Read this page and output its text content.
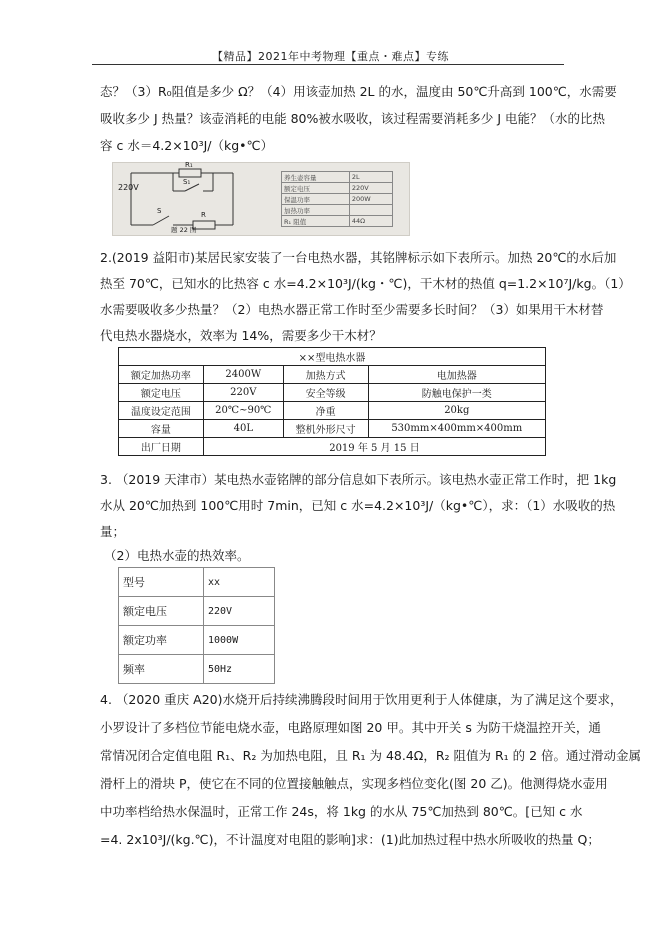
【精品】2021年中考物理【重点・难点】专练
态？（3）R₀阻值是多少 Ω？（4）用该壶加热 2L 的水，温度由 50℃升高到 100℃，水需要
吸收多少 J 热量？该壶消耗的电能 80%被水吸收，该过程需要消耗多少 J 电能？（水的比热
容 c 水＝4.2×10³J/（kg•℃）
220V
R₁
S₁
S	R
题 22 图
养生壶容量	2L
额定电压	220V
保温功率	200W
加热功率	
R₁ 阻值	44Ω
2.(2019 益阳市)某居民家安装了一台电热水器，其铭牌标示如下表所示。加热 20℃的水后加
热至 70℃，已知水的比热容 c 水=4.2×10³J/(kg・℃)，干木材的热值 q=1.2×10⁷J/kg。（1）
水需要吸收多少热量？（2）电热水器正常工作时至少需要多长时间？（3）如果用干木材替
代电热水器烧水，效率为 14%，需要多少干木材？
××型电热水器			
额定加热功率	2400W	加热方式	电加热器
额定电压	220V	安全等级	防触电保护一类
温度设定范围	20℃~90℃	净重	20kg
容量	40L	整机外形尺寸	530mm×400mm×400mm
出厂日期	2019 年 5 月 15 日		
3. （2019 天津市）某电热水壶铭牌的部分信息如下表所示。该电热水壶正常工作时，把 1kg
水从 20℃加热到 100℃用时 7min，已知 c 水=4.2×10³J/（kg•℃），求：（1）水吸收的热
量；
（2）电热水壶的热效率。
型号	xx
额定电压	220V
额定功率	1000W
频率	50Hz
4. （2020 重庆 A20)水烧开后持续沸腾段时间用于饮用更利于人体健康，为了满足这个要求，
小罗设计了多档位节能电烧水壶，电路原理如图 20 甲。其中开关 s 为防干烧温控开关，通
常情况闭合定值电阻 R₁、R₂ 为加热电阻，且 R₁ 为 48.4Ω，R₂ 阻值为 R₁ 的 2 倍。通过滑动金属
滑杆上的滑块 P，使它在不同的位置接触触点，实现多档位变化(图 20 乙)。他测得烧水壶用
中功率档给热水保温时，正常工作 24s，将 1kg 的水从 75℃加热到 80℃。[已知 c 水
=4. 2x10³J/(kg.℃)，不计温度对电阻的影响]求：(1)此加热过程中热水所吸收的热量 Q；
